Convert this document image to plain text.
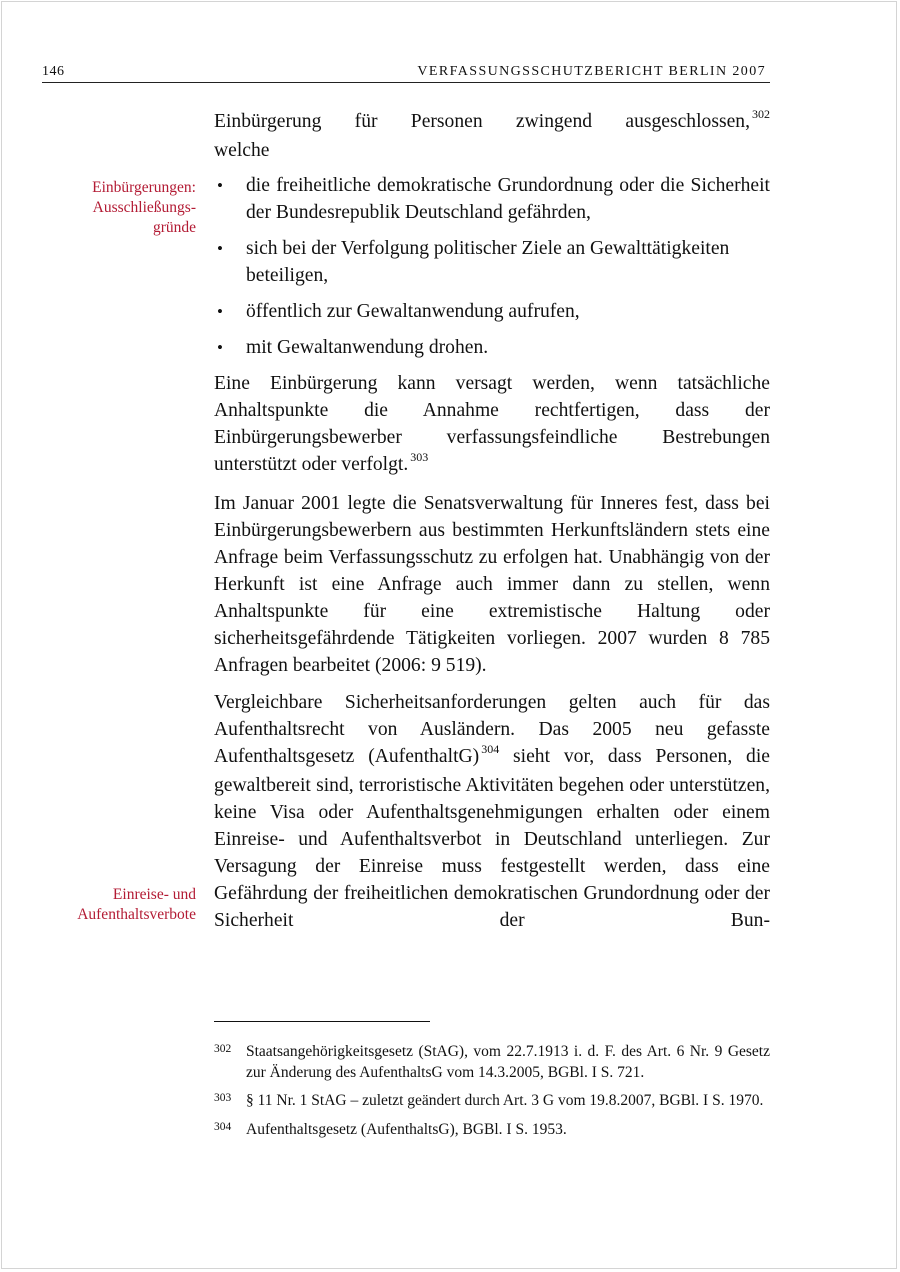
146	VERFASSUNGSSCHUTZBERICHT BERLIN 2007
Einbürgerungen:
Ausschließungs-
gründe
Einreise- und
Aufenthaltsverbote

Einbürgerung für Personen zwingend ausgeschlossen, $^{302}$
welche

• die freiheitliche demokratische Grundordnung oder die Sicherheit der Bundesrepublik Deutschland gefährden,
• sich bei der Verfolgung politischer Ziele an Gewalttätigkeiten beteiligen,
• öffentlich zur Gewaltanwendung aufrufen,
• mit Gewaltanwendung drohen.

Eine Einbürgerung kann versagt werden, wenn tatsächliche Anhaltspunkte die Annahme rechtfertigen, dass der Einbürgerungsbewerber verfassungsfeindliche Bestrebungen unterstützt oder verfolgt. $^{303}$

Im Januar 2001 legte die Senatsverwaltung für Inneres fest, dass bei Einbürgerungsbewerbern aus bestimmten Herkunftsländern stets eine Anfrage beim Verfassungsschutz zu erfolgen hat. Unabhängig von der Herkunft ist eine Anfrage auch immer dann zu stellen, wenn Anhaltspunkte für eine extremistische Haltung oder sicherheitsgefährdende Tätigkeiten vorliegen. 2007 wurden 8 785 Anfragen bearbeitet (2006: 9 519).

Vergleichbare Sicherheitsanforderungen gelten auch für das Aufenthaltsrecht von Ausländern. Das 2005 neu gefasste Aufenthaltsgesetz (AufenthaltG) $^{304}$ sieht vor, dass Personen, die gewaltbereit sind, terroristische Aktivitäten begehen oder unterstützen, keine Visa oder Aufenthaltsgenehmigungen erhalten oder einem Einreise- und Aufenthaltsverbot in Deutschland unterliegen. Zur Versagung der Einreise muss festgestellt werden, dass eine Gefährdung der freiheitlichen demokratischen Grundordnung oder der Sicherheit der Bun-

302 Staatsangehörigkeitsgesetz (StAG), vom 22.7.1913 i. d. F. des Art. 6 Nr. 9 Gesetz zur Änderung des AufenthaltsG vom 14.3.2005, BGBl. I S. 721.
303 § 11 Nr. 1 StAG – zuletzt geändert durch Art. 3 G vom 19.8.2007, BGBl. I S. 1970.
304 Aufenthaltsgesetz (AufenthaltsG), BGBl. I S. 1953.
